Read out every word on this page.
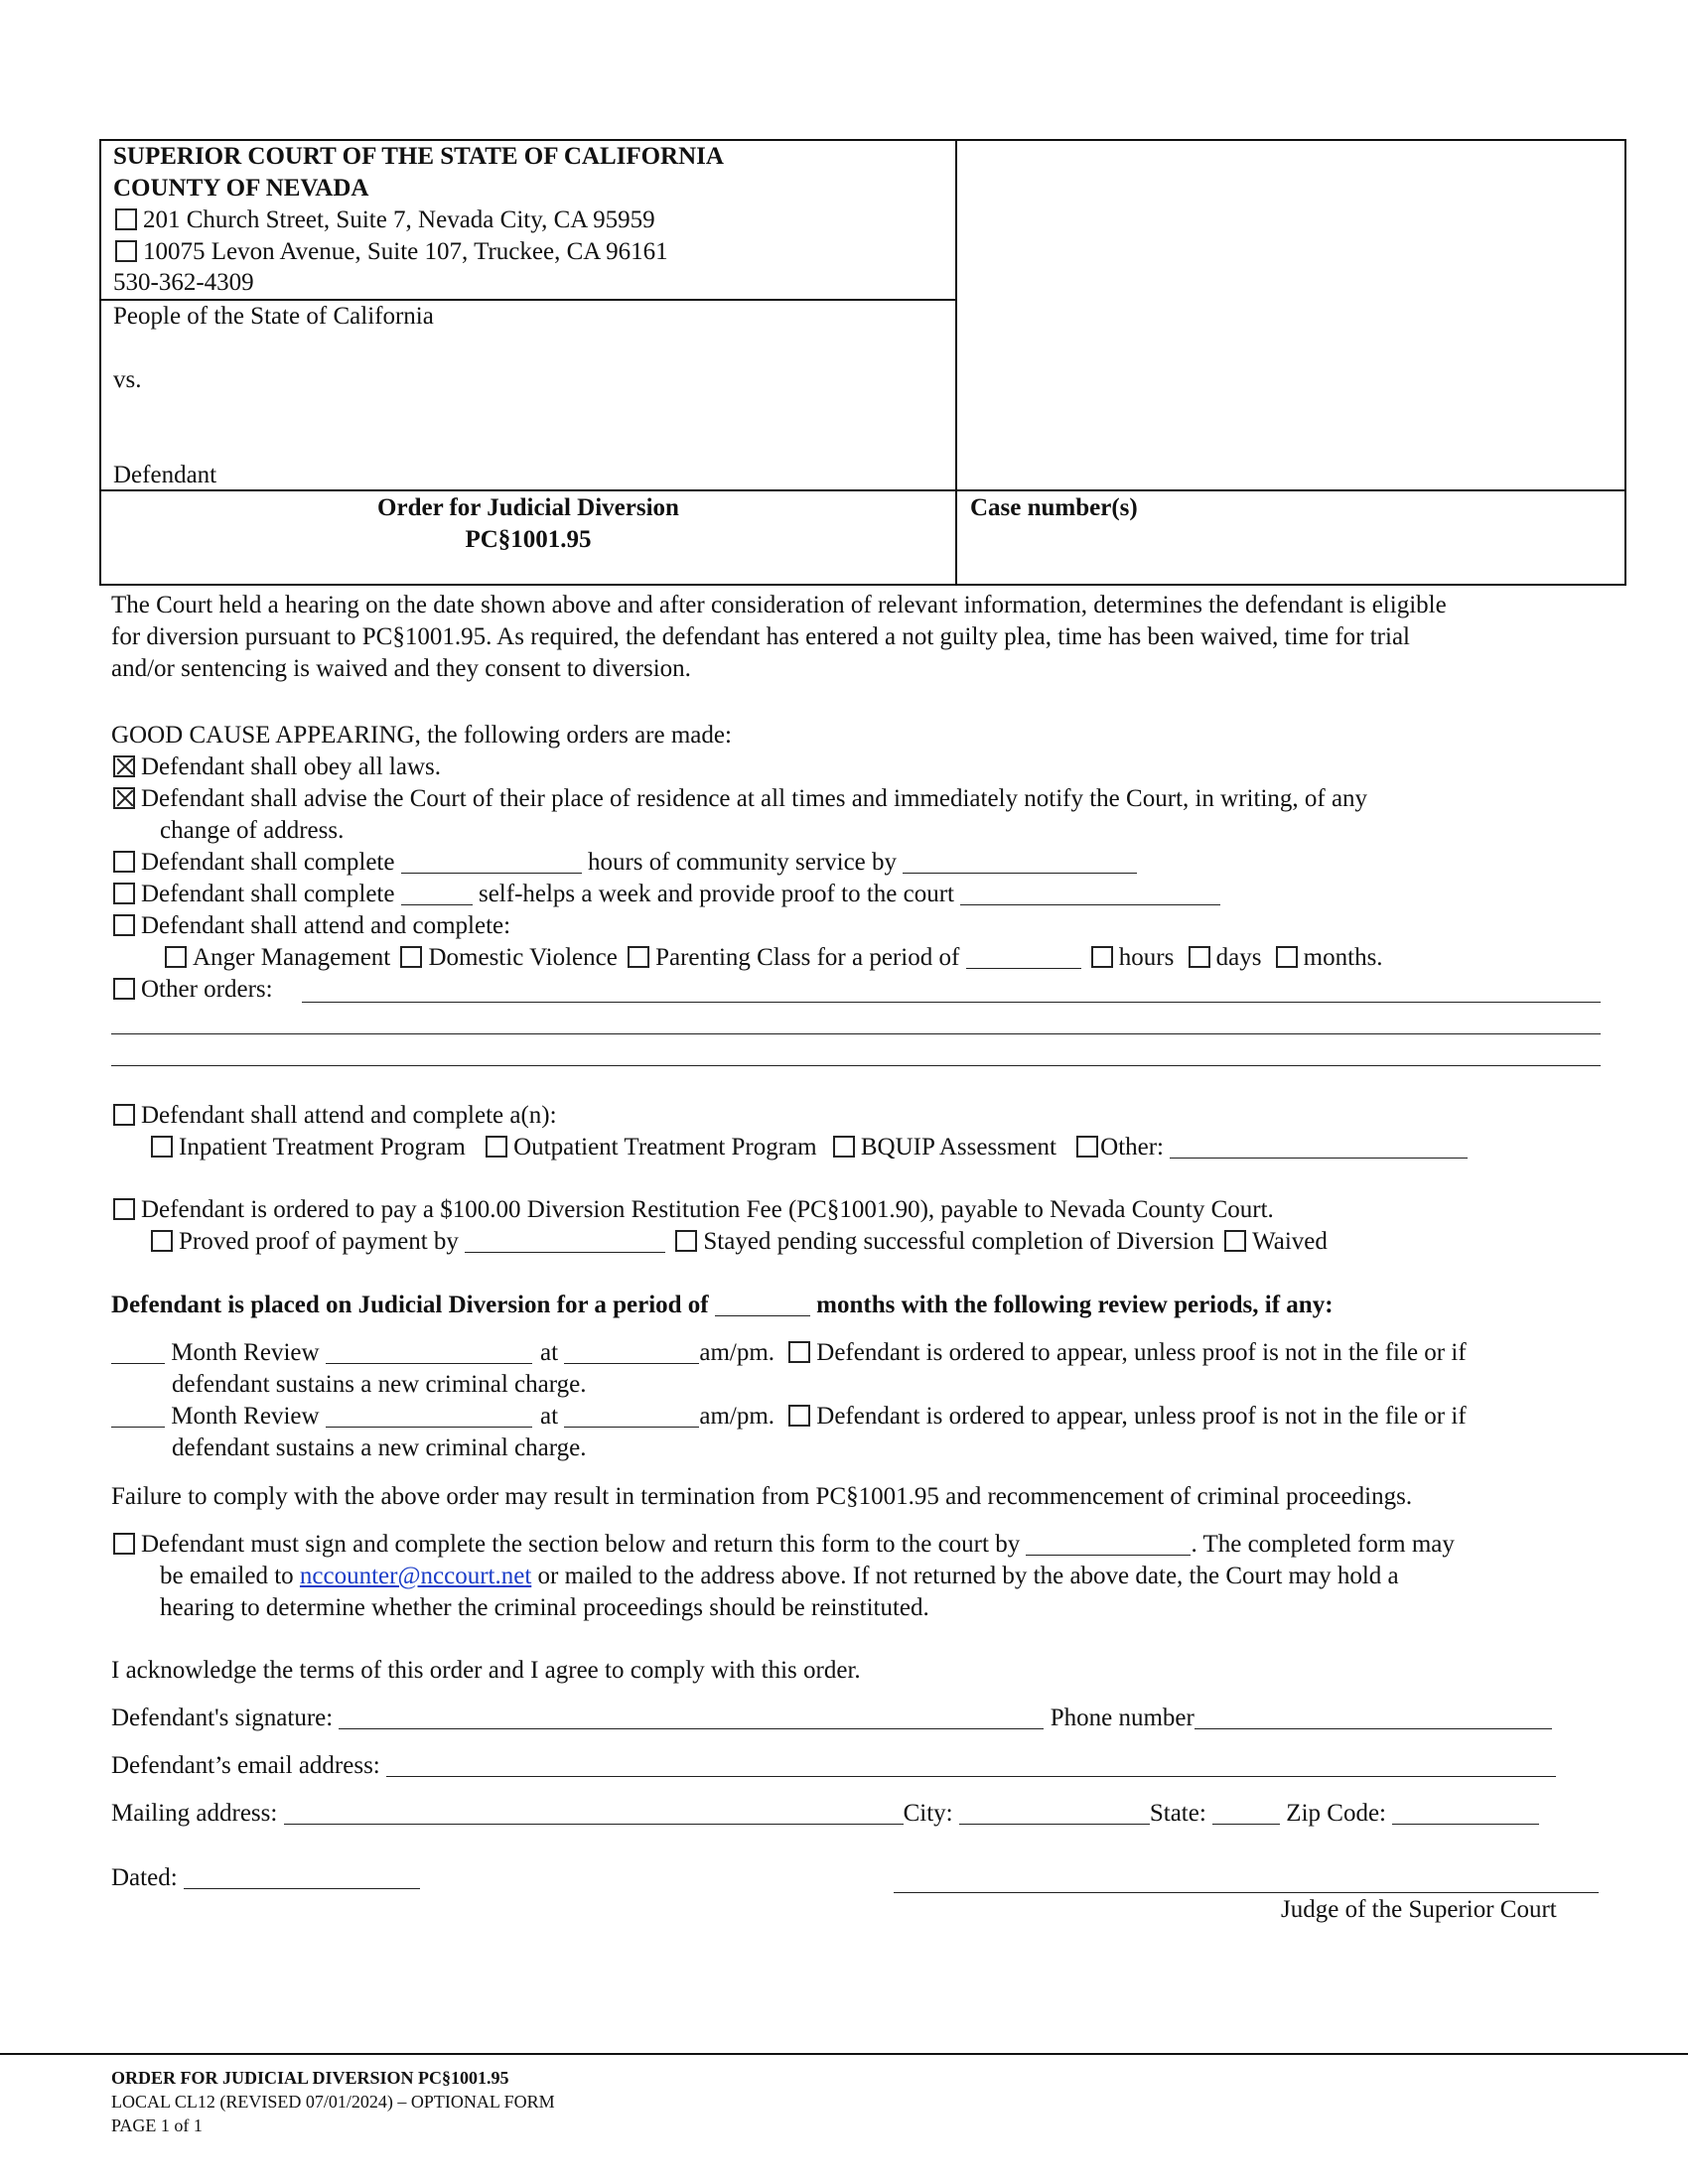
SUPERIOR COURT OF THE STATE OF CALIFORNIA
COUNTY OF NEVADA
201 Church Street, Suite 7, Nevada City, CA 95959
10075 Levon Avenue, Suite 107, Truckee, CA 96161
530-362-4309
People of the State of California
vs.
Defendant
Order for Judicial Diversion
PC§1001.95
Case number(s)
The Court held a hearing on the date shown above and after consideration of relevant information, determines the defendant is eligible
for diversion pursuant to PC§1001.95. As required, the defendant has entered a not guilty plea, time has been waived, time for trial
and/or sentencing is waived and they consent to diversion.
GOOD CAUSE APPEARING, the following orders are made:
Defendant shall obey all laws.
Defendant shall advise the Court of their place of residence at all times and immediately notify the Court, in writing, of any
change of address.
Defendant shall complete	hours of community service by
Defendant shall complete	self-helps a week and provide proof to the court
Defendant shall attend and complete:
Anger Management Domestic Violence Parenting Class for a period of	hours days months.
Other orders:
Defendant shall attend and complete a(n):
Inpatient Treatment Program Outpatient Treatment Program BQUIP Assessment Other:
Defendant is ordered to pay a $100.00 Diversion Restitution Fee (PC§1001.90), payable to Nevada County Court.
Proved proof of payment by	Stayed pending successful completion of Diversion Waived
Defendant is placed on Judicial Diversion for a period of	months with the following review periods, if any:
Month Review	at	am/pm. Defendant is ordered to appear, unless proof is not in the file or if
defendant sustains a new criminal charge.
Month Review	at	am/pm. Defendant is ordered to appear, unless proof is not in the file or if
defendant sustains a new criminal charge.
Failure to comply with the above order may result in termination from PC§1001.95 and recommencement of criminal proceedings.
Defendant must sign and complete the section below and return this form to the court by	. The completed form may
be emailed to nccounter@nccourt.net or mailed to the address above. If not returned by the above date, the Court may hold a
hearing to determine whether the criminal proceedings should be reinstituted.
I acknowledge the terms of this order and I agree to comply with this order.
Defendant's signature:	Phone number
Defendant’s email address:
Mailing address:	City:	State:	Zip Code:
Dated:
Judge of the Superior Court
ORDER FOR JUDICIAL DIVERSION PC§1001.95
LOCAL CL12 (REVISED 07/01/2024) – OPTIONAL FORM
PAGE 1 of 1
